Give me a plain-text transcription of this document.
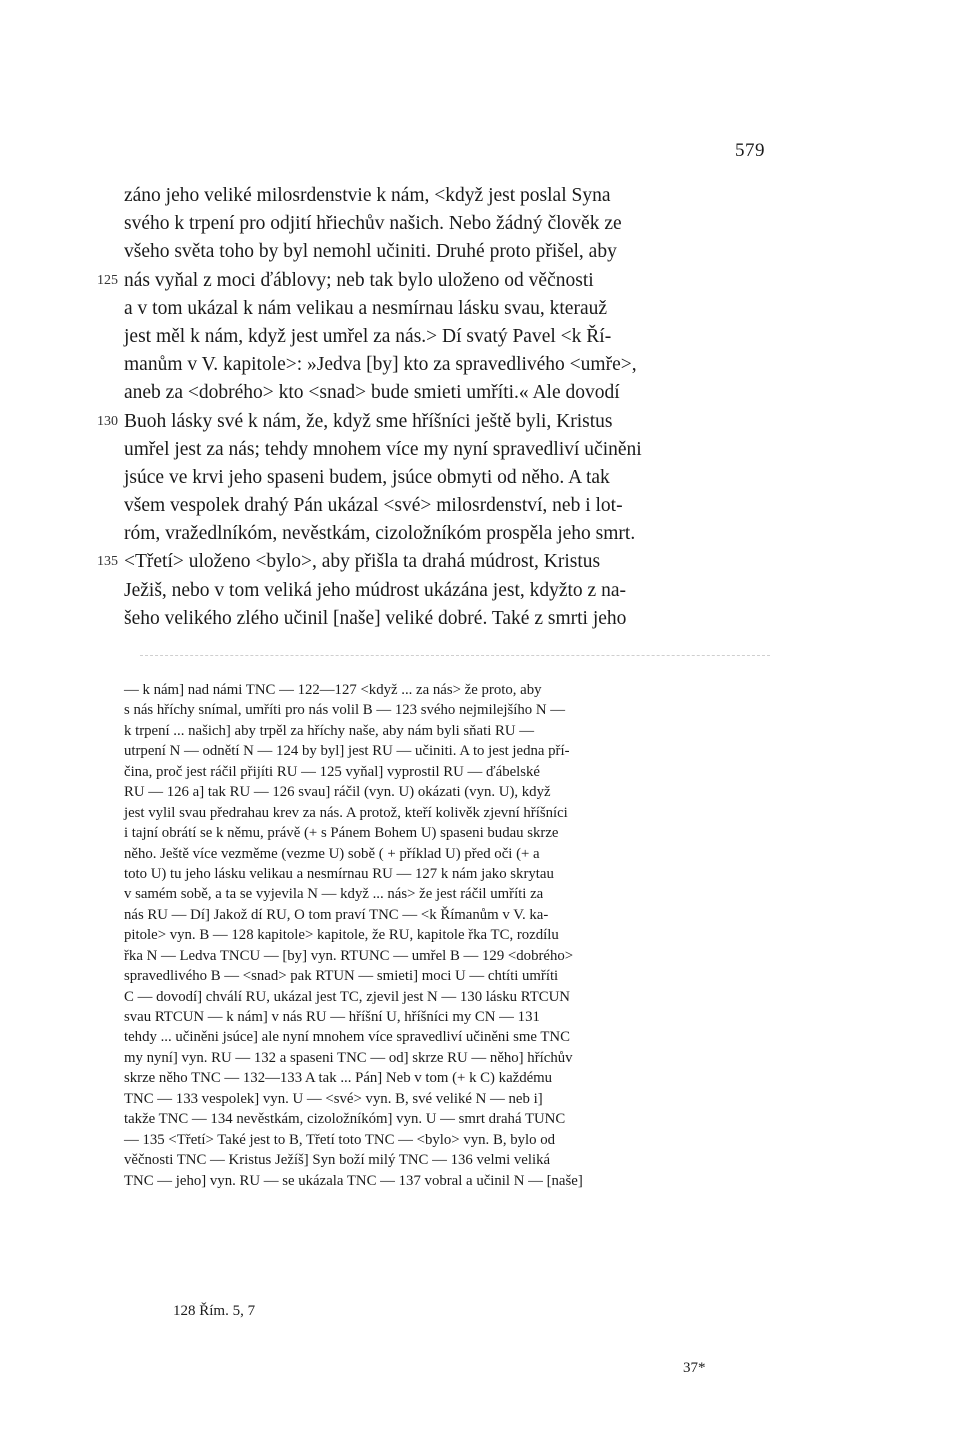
579
záno jeho veliké milosrdenstvie k nám, <když jest poslal Syna
svého k trpení pro odjití hřiechův našich. Nebo žádný člověk ze
všeho světa toho by byl nemohl učiniti. Druhé proto přišel, aby
125 nás vyňal z moci ďáblovy; neb tak bylo uloženo od věčnosti
a v tom ukázal k nám velikau a nesmírnau lásku svau, kterauž
jest měl k nám, když jest umřel za nás.> Dí svatý Pavel <k Ří-
manům v V. kapitole>: »Jedva [by] kto za spravedlivého <umře>,
aneb za <dobrého> kto <snad> bude smieti umříti.« Ale dovodí
130 Buoh lásky své k nám, že, když sme hříšníci ještě byli, Kristus
umřel jest za nás; tehdy mnohem více my nyní spravedliví učiněni
jsúce ve krvi jeho spaseni budem, jsúce obmyti od něho. A tak
všem vespolek drahý Pán ukázal <své> milosrdenství, neb i lot-
róm, vražedlníkóm, nevěstkám, cizoložníkóm prospěla jeho smrt.
135 <Třetí> uloženo <bylo>, aby přišla ta drahá múdrost, Kristus
Ježiš, nebo v tom veliká jeho múdrost ukázána jest, kdyžto z na-
šeho velikého zlého učinil [naše] veliké dobré. Také z smrti jeho
— k nám] nad námi TNC — 122—127 <když ... za nás> že proto, aby
s nás hříchy snímal, umříti pro nás volil B — 123 svého nejmilejšího N —
k trpení ... našich] aby trpěl za hříchy naše, aby nám byli sňati RU —
utrpení N — odnětí N — 124 by byl] jest RU — učiniti. A to jest jedna pří-
čina, proč jest ráčil přijíti RU — 125 vyňal] vyprostil RU — ďábelské
RU — 126 a] tak RU — 126 svau] ráčil (vyn. U) okázati (vyn. U), když
jest vylil svau předrahau krev za nás. A protož, kteří kolivěk zjevní hříšníci
i tajní obrátí se k němu, právě (+ s Pánem Bohem U) spaseni budau skrze
něho. Ještě více vezměme (vezme U) sobě ( + příklad U) před oči (+ a
toto U) tu jeho lásku velikau a nesmírnau RU — 127 k nám jako skrytau
v samém sobě, a ta se vyjevila N — když ... nás> že jest ráčil umříti za
nás RU — Dí] Jakož dí RU, O tom praví TNC — <k Římanům v V. ka-
pitole> vyn. B — 128 kapitole> kapitole, že RU, kapitole řka TC, rozdílu
řka N — Ledva TNCU — [by] vyn. RTUNC — umřel B — 129 <dobrého>
spravedlivého B — <snad> pak RTUN — smieti] moci U — chtíti umříti
C — dovodí] chválí RU, ukázal jest TC, zjevil jest N — 130 lásku RTCUN
svau RTCUN — k nám] v nás RU — hříšní U, hříšníci my CN — 131
tehdy ... učiněni jsúce] ale nyní mnohem více spravedliví učiněni sme TNC
my nyní] vyn. RU — 132 a spaseni TNC — od] skrze RU — něho] hříchův
skrze něho TNC — 132—133 A tak ... Pán] Neb v tom (+ k C) každému
TNC — 133 vespolek] vyn. U — <své> vyn. B, své veliké N — neb i]
takže TNC — 134 nevěstkám, cizoložníkóm] vyn. U — smrt drahá TUNC
— 135 <Třetí> Také jest to B, Třetí toto TNC — <bylo> vyn. B, bylo od
věčnosti TNC — Kristus Ježíš] Syn boží milý TNC — 136 velmi veliká
TNC — jeho] vyn. RU — se ukázala TNC — 137 vobral a učinil N — [naše]
128 Řím. 5, 7
37*
